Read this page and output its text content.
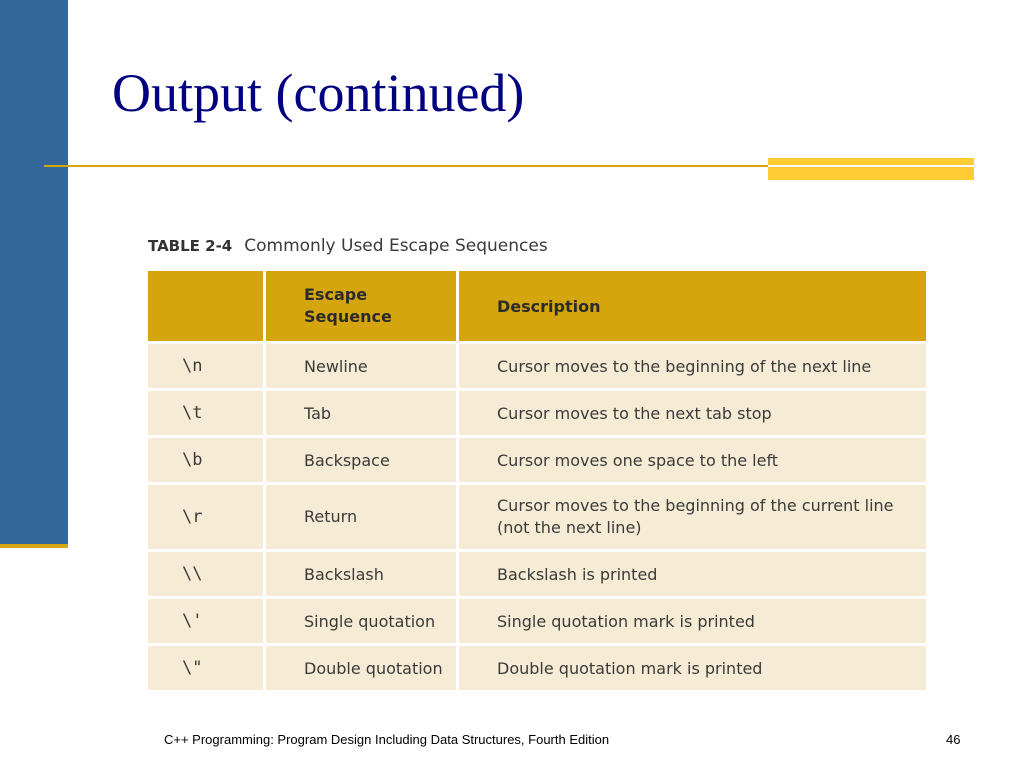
Output (continued)
TABLE 2-4 Commonly Used Escape Sequences
	Escape Sequence	Description
\n	Newline	Cursor moves to the beginning of the next line
\t	Tab	Cursor moves to the next tab stop
\b	Backspace	Cursor moves one space to the left
\r	Return	Cursor moves to the beginning of the current line (not the next line)
\\	Backslash	Backslash is printed
\'	Single quotation	Single quotation mark is printed
\"	Double quotation	Double quotation mark is printed
C++ Programming: Program Design Including Data Structures, Fourth Edition	46
